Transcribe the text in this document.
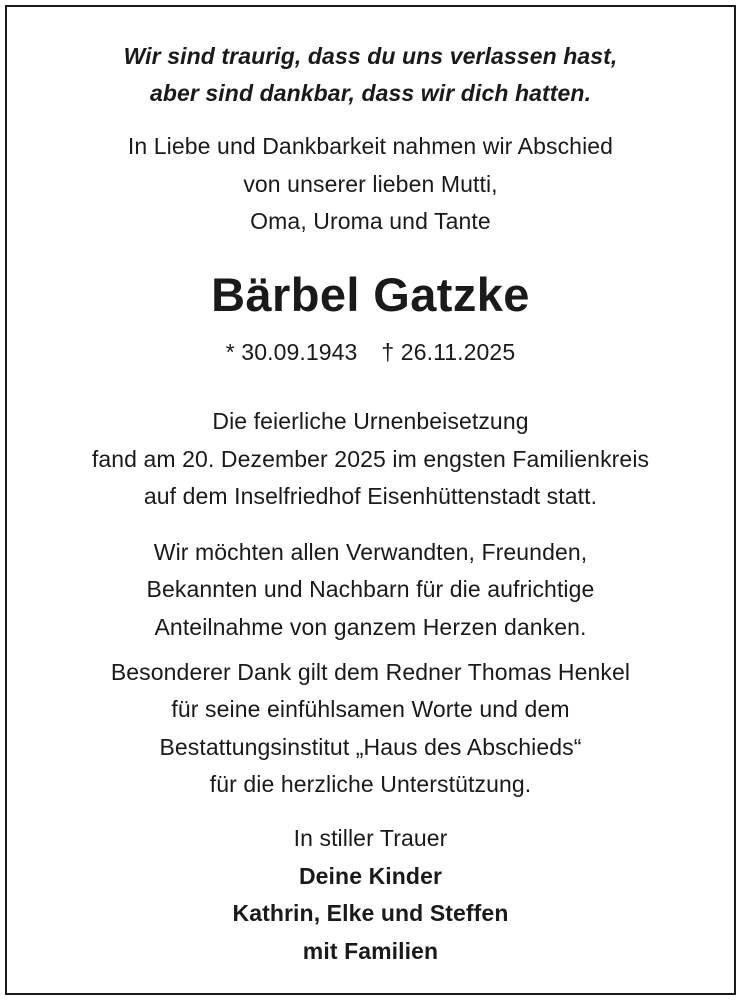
Wir sind traurig, dass du uns verlassen hast,
aber sind dankbar, dass wir dich hatten.
In Liebe und Dankbarkeit nahmen wir Abschied
von unserer lieben Mutti,
Oma, Uroma und Tante
Bärbel Gatzke
* 30.09.1943 † 26.11.2025
Die feierliche Urnenbeisetzung
fand am 20. Dezember 2025 im engsten Familienkreis
auf dem Inselfriedhof Eisenhüttenstadt statt.
Wir möchten allen Verwandten, Freunden,
Bekannten und Nachbarn für die aufrichtige
Anteilnahme von ganzem Herzen danken.
Besonderer Dank gilt dem Redner Thomas Henkel
für seine einfühlsamen Worte und dem
Bestattungsinstitut „Haus des Abschieds“
für die herzliche Unterstützung.
In stiller Trauer
Deine Kinder
Kathrin, Elke und Steffen
mit Familien
